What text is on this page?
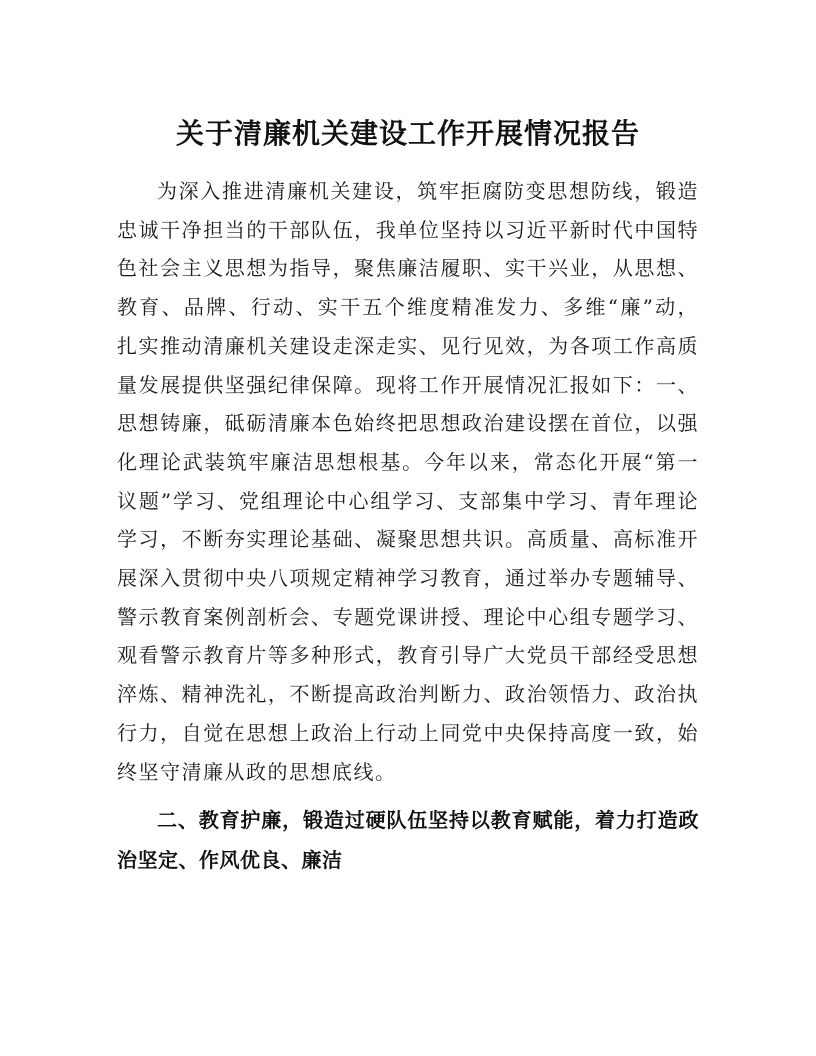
关于清廉机关建设工作开展情况报告

为深入推进清廉机关建设，筑牢拒腐防变思想防线，锻造忠诚干净担当的干部队伍，我单位坚持以习近平新时代中国特色社会主义思想为指导，聚焦廉洁履职、实干兴业，从思想、教育、品牌、行动、实干五个维度精准发力、多维“廉”动，扎实推动清廉机关建设走深走实、见行见效，为各项工作高质量发展提供坚强纪律保障。现将工作开展情况汇报如下：一、思想铸廉，砥砺清廉本色始终把思想政治建设摆在首位，以强化理论武装筑牢廉洁思想根基。今年以来，常态化开展“第一议题”学习、党组理论中心组学习、支部集中学习、青年理论学习，不断夯实理论基础、凝聚思想共识。高质量、高标准开展深入贯彻中央八项规定精神学习教育，通过举办专题辅导、警示教育案例剖析会、专题党课讲授、理论中心组专题学习、观看警示教育片等多种形式，教育引导广大党员干部经受思想淬炼、精神洗礼，不断提高政治判断力、政治领悟力、政治执行力，自觉在思想上政治上行动上同党中央保持高度一致，始终坚守清廉从政的思想底线。

二、教育护廉，锻造过硬队伍坚持以教育赋能，着力打造政治坚定、作风优良、廉洁
